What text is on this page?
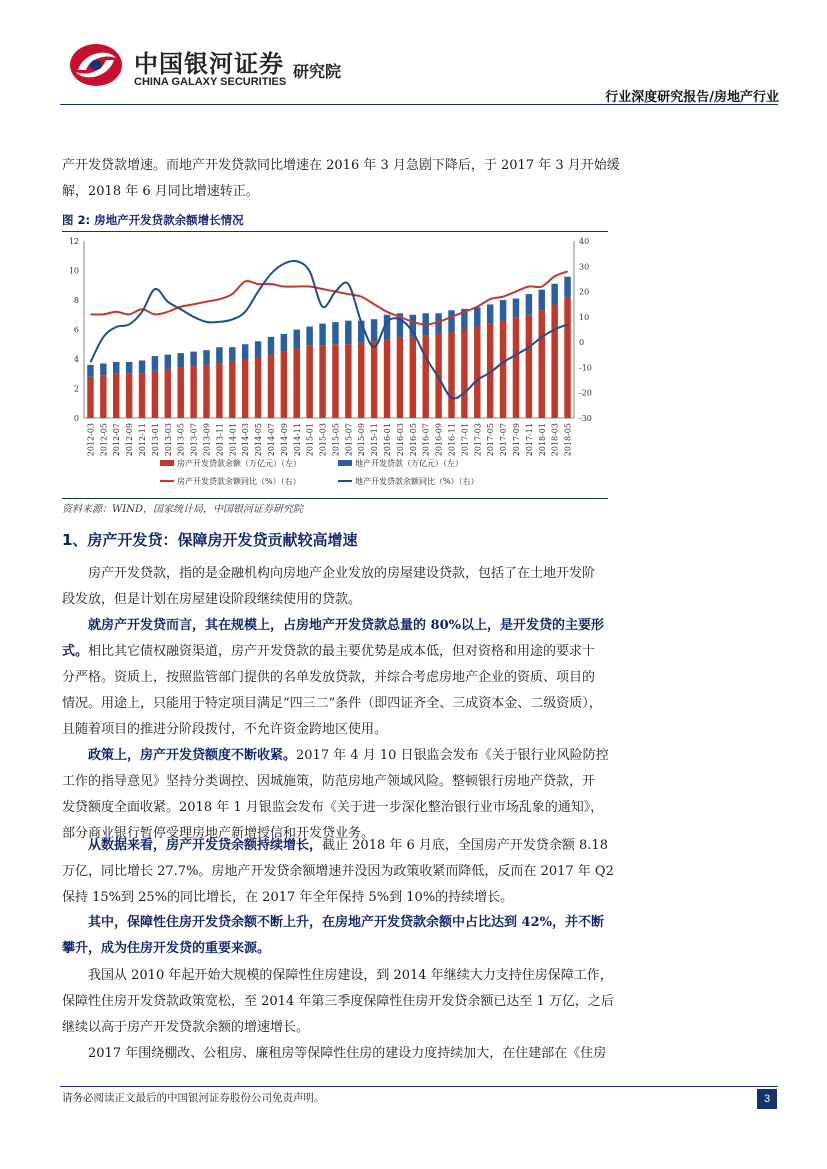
中国银河证券
CHINA GALAXY SECURITIES
研究院
行业深度研究报告/房地产行业
产开发贷款增速。而地产开发贷款同比增速在 2016 年 3 月急剧下降后，于 2017 年 3 月开始缓
解，2018 年 6 月同比增速转正。
图 2: 房地产开发贷款余额增长情况
0
2
4
6
8
10
12
-30
-20
-10
0
10
20
30
40
2012-03 2012-05 2012-07 2012-09 2012-11 2013-01 2013-03 2013-05 2013-07 2013-09 2013-11 2014-01 2014-03 2014-05 2014-07 2014-09 2014-11 2015-01 2015-03 2015-05 2015-07 2015-09 2015-11 2016-01 2016-03 2016-05 2016-07 2016-09 2016-11 2017-01 2017-03 2017-05 2017-07 2017-09 2017-11 2018-01 2018-03 2018-05
房产开发贷款余额（万亿元）（左）	地产开发贷款（万亿元）（左）
房产开发贷款余额同比（%）（右）	地产开发贷款余额同比（%）（右）
资料来源：WIND，国家统计局，中国银河证券研究院
1、房产开发贷：保障房开发贷贡献较高增速
房产开发贷款，指的是金融机构向房地产企业发放的房屋建设贷款，包括了在土地开发阶
段发放，但是计划在房屋建设阶段继续使用的贷款。
就房产开发贷而言，其在规模上，占房地产开发贷款总量的 80%以上，是开发贷的主要形
式。相比其它债权融资渠道，房产开发贷款的最主要优势是成本低，但对资格和用途的要求十
分严格。资质上，按照监管部门提供的名单发放贷款，并综合考虑房地产企业的资质、项目的
情况。用途上，只能用于特定项目满足“四三二”条件（即四证齐全、三成资本金、二级资质），
且随着项目的推进分阶段拨付，不允许资金跨地区使用。
政策上，房产开发贷额度不断收紧。2017 年 4 月 10 日银监会发布《关于银行业风险防控
工作的指导意见》坚持分类调控、因城施策，防范房地产领域风险。整顿银行房地产贷款，开
发贷额度全面收紧。2018 年 1 月银监会发布《关于进一步深化整治银行业市场乱象的通知》，
部分商业银行暂停受理房地产新增授信和开发贷业务。
从数据来看，房产开发贷余额持续增长，截止 2018 年 6 月底，全国房产开发贷余额 8.18
万亿，同比增长 27.7%。房地产开发贷余额增速并没因为政策收紧而降低，反而在 2017 年 Q2
保持 15%到 25%的同比增长，在 2017 年全年保持 5%到 10%的持续增长。
其中，保障性住房开发贷余额不断上升，在房地产开发贷款余额中占比达到 42%，并不断
攀升，成为住房开发贷的重要来源。
我国从 2010 年起开始大规模的保障性住房建设，到 2014 年继续大力支持住房保障工作，
保障性住房开发贷款政策宽松，至 2014 年第三季度保障性住房开发贷余额已达至 1 万亿，之后
继续以高于房产开发贷款余额的增速增长。
2017 年围绕棚改、公租房、廉租房等保障性住房的建设力度持续加大，在住建部在《住房
请务必阅读正文最后的中国银河证券股份公司免责声明。	3
